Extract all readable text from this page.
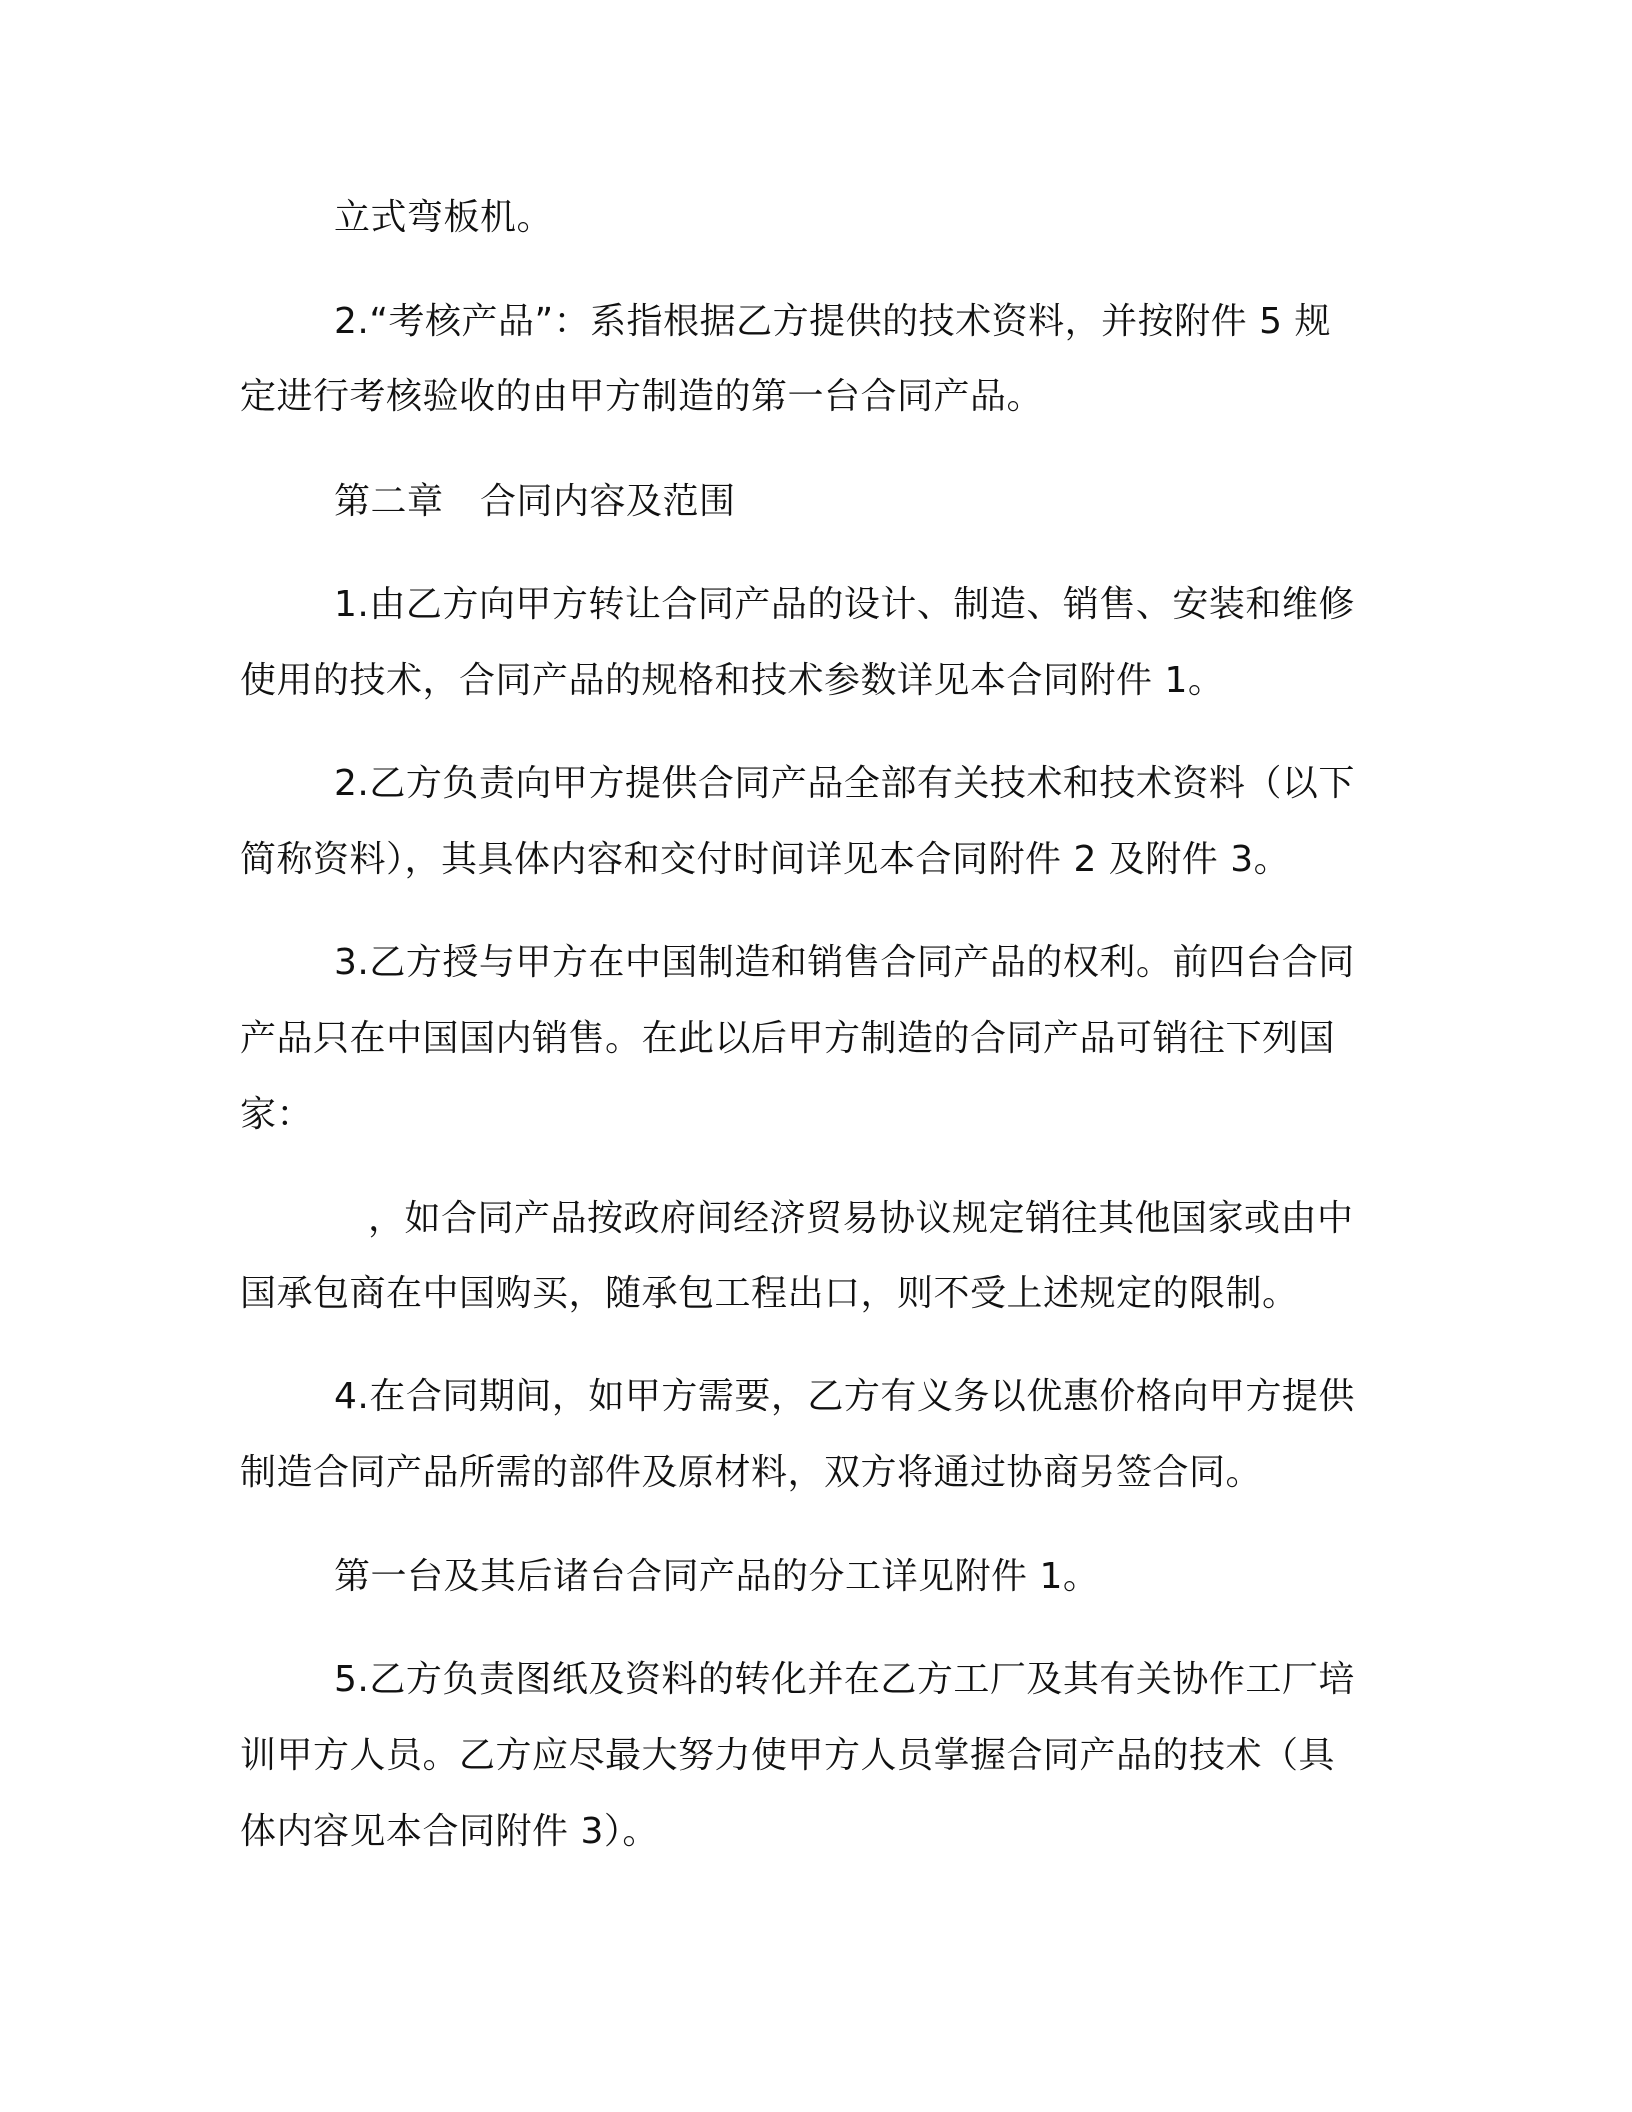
立式弯板机。
2.“考核产品”：系指根据乙方提供的技术资料，并按附件 5 规
定进行考核验收的由甲方制造的第一台合同产品。
第二章　合同内容及范围
1.由乙方向甲方转让合同产品的设计、制造、销售、安装和维修
使用的技术，合同产品的规格和技术参数详见本合同附件 1。
2.乙方负责向甲方提供合同产品全部有关技术和技术资料（以下
简称资料），其具体内容和交付时间详见本合同附件 2 及附件 3。
3.乙方授与甲方在中国制造和销售合同产品的权利。前四台合同
产品只在中国国内销售。在此以后甲方制造的合同产品可销往下列国
家：
，如合同产品按政府间经济贸易协议规定销往其他国家或由中
国承包商在中国购买，随承包工程出口，则不受上述规定的限制。
4.在合同期间，如甲方需要，乙方有义务以优惠价格向甲方提供
制造合同产品所需的部件及原材料，双方将通过协商另签合同。
第一台及其后诸台合同产品的分工详见附件 1。
5.乙方负责图纸及资料的转化并在乙方工厂及其有关协作工厂培
训甲方人员。乙方应尽最大努力使甲方人员掌握合同产品的技术（具
体内容见本合同附件 3）。
